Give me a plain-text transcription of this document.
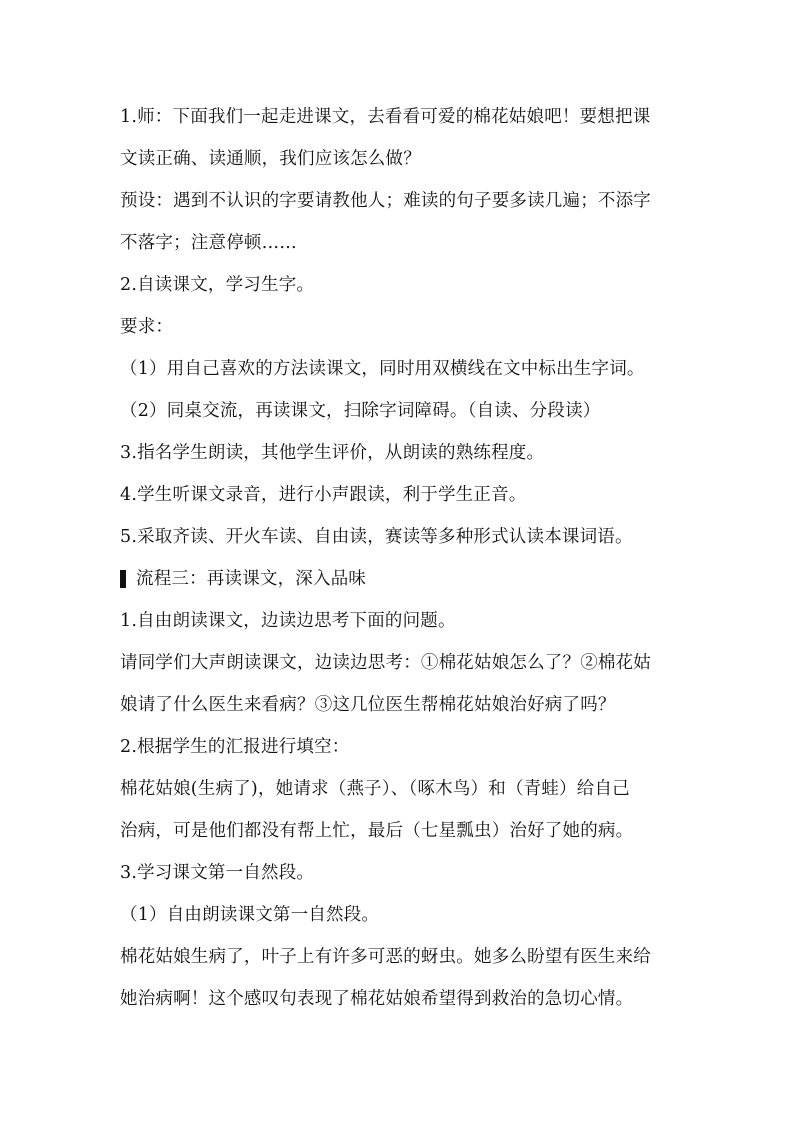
1.师：下面我们一起走进课文，去看看可爱的棉花姑娘吧！要想把课
文读正确、读通顺，我们应该怎么做？
预设：遇到不认识的字要请教他人；难读的句子要多读几遍；不添字
不落字；注意停顿……
2.自读课文，学习生字。
要求：
（1）用自己喜欢的方法读课文，同时用双横线在文中标出生字词。
（2）同桌交流，再读课文，扫除字词障碍。（自读、分段读）
3.指名学生朗读，其他学生评价，从朗读的熟练程度。
4.学生听课文录音，进行小声跟读，利于学生正音。
5.采取齐读、开火车读、自由读，赛读等多种形式认读本课词语。
流程三：再读课文，深入品味
1.自由朗读课文，边读边思考下面的问题。
请同学们大声朗读课文，边读边思考：①棉花姑娘怎么了？②棉花姑
娘请了什么医生来看病？③这几位医生帮棉花姑娘治好病了吗？
2.根据学生的汇报进行填空：
棉花姑娘(生病了)，她请求（燕子）、（啄木鸟）和（青蛙）给自己
治病，可是他们都没有帮上忙，最后（七星瓢虫）治好了她的病。
3.学习课文第一自然段。
（1）自由朗读课文第一自然段。
棉花姑娘生病了，叶子上有许多可恶的蚜虫。她多么盼望有医生来给
她治病啊！这个感叹句表现了棉花姑娘希望得到救治的急切心情。
